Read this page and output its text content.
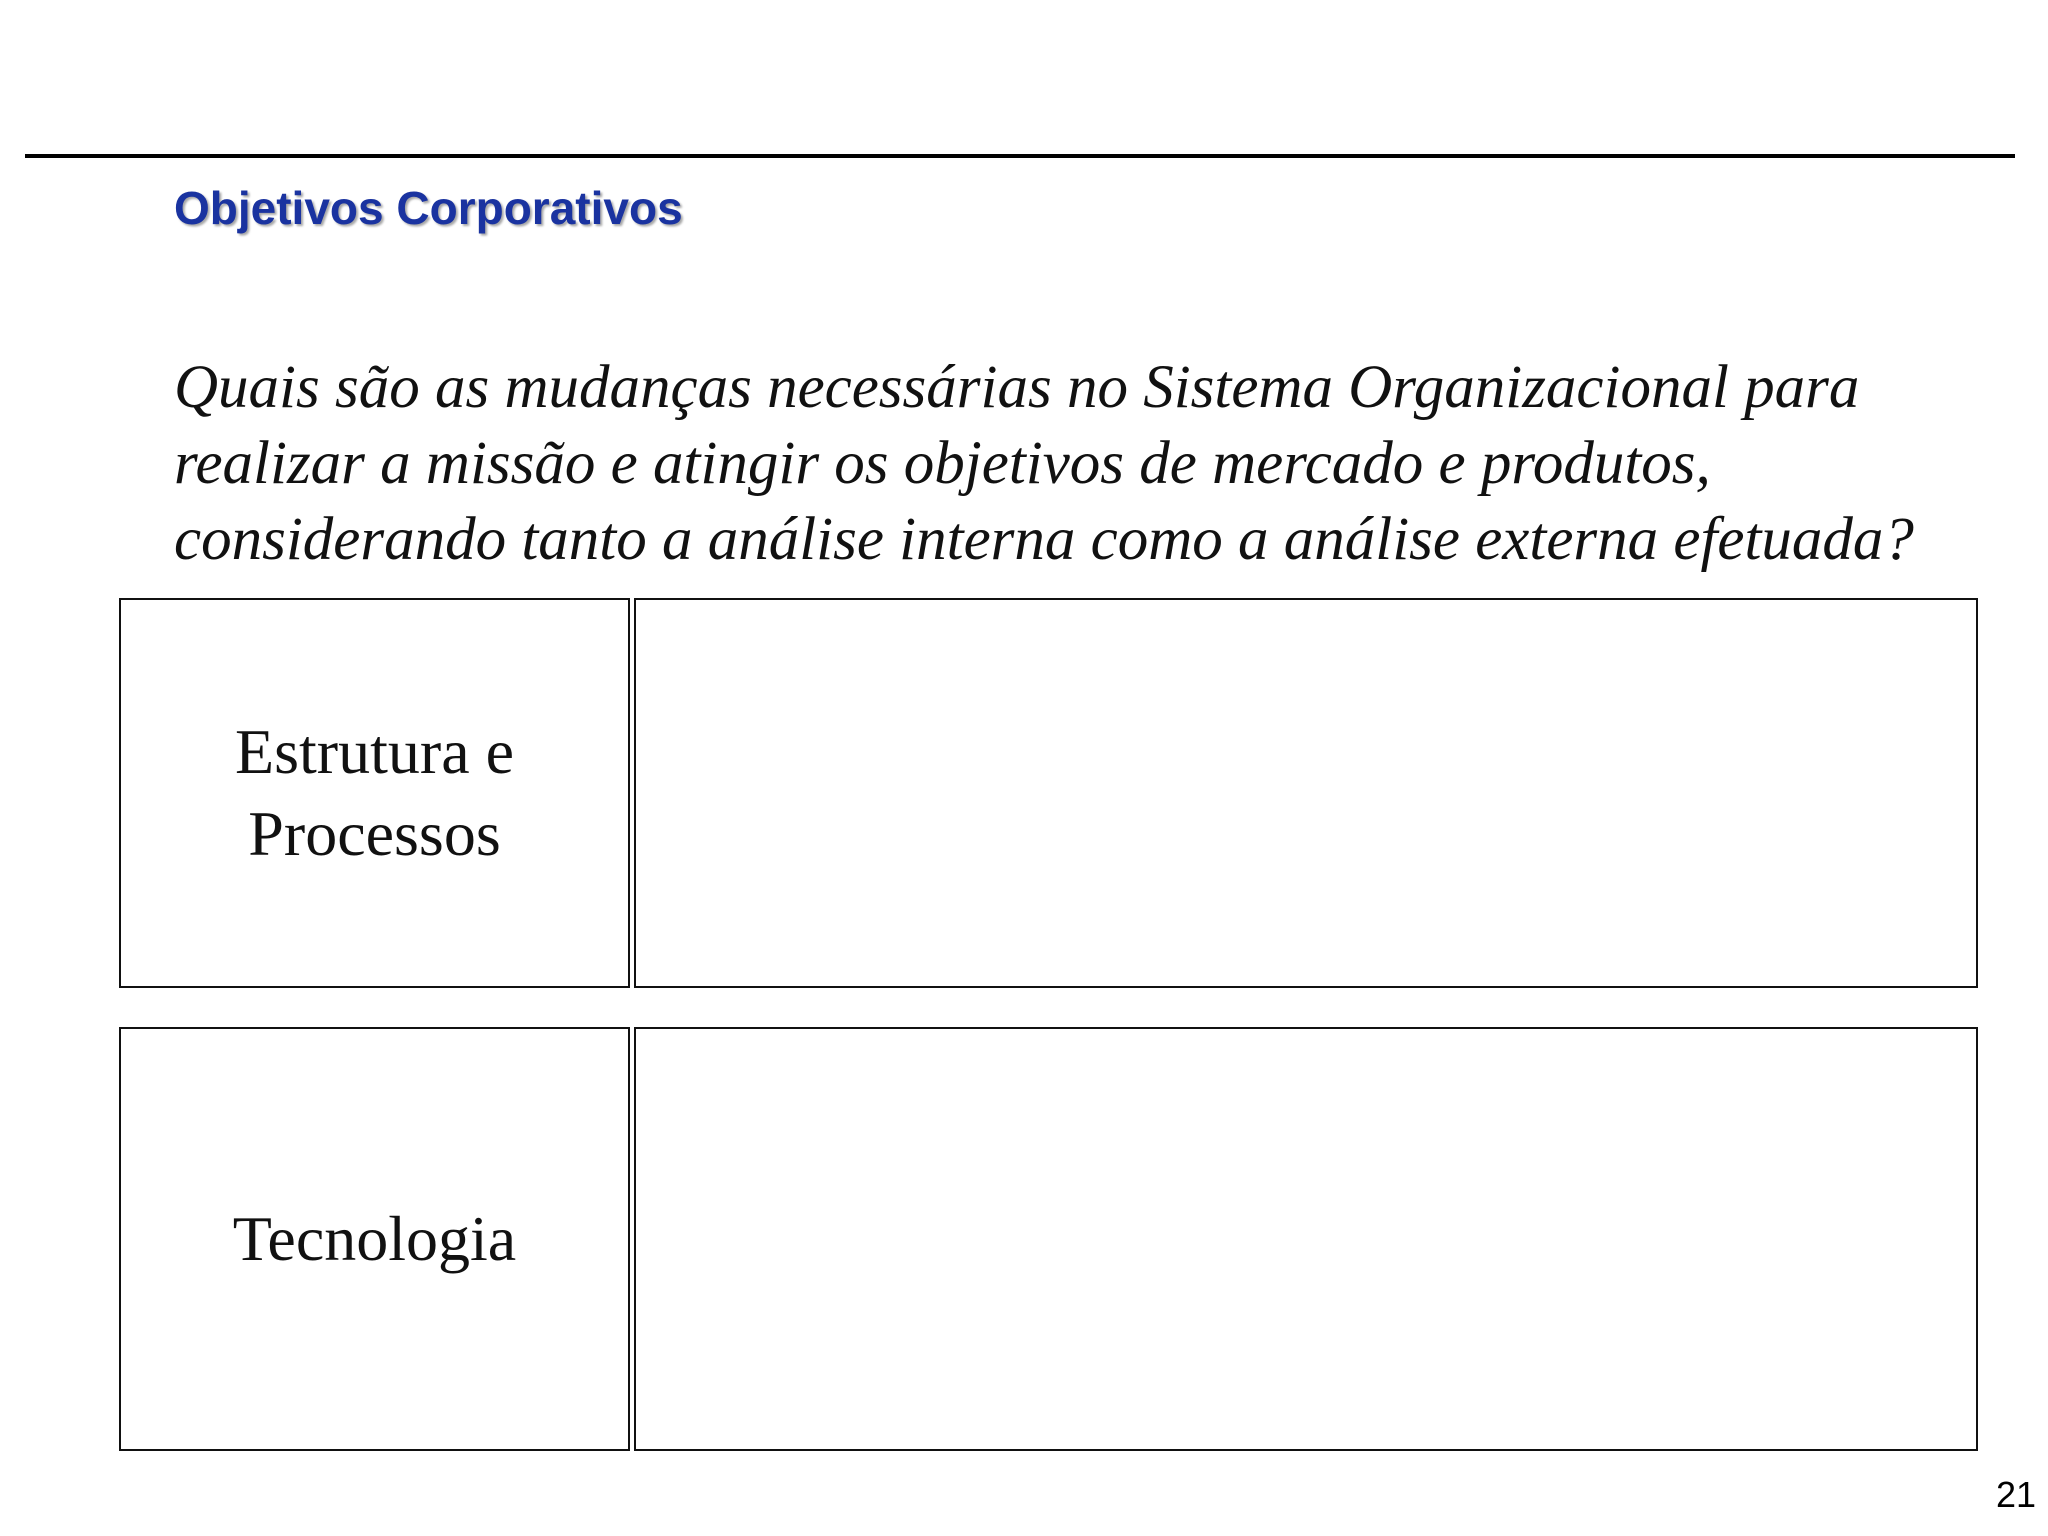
Objetivos Corporativos
Quais são as mudanças necessárias no Sistema Organizacional para
realizar a missão e atingir os objetivos de mercado e produtos,
considerando tanto a análise interna como a análise externa efetuada?
Estrutura e
Processos
Tecnologia
21
